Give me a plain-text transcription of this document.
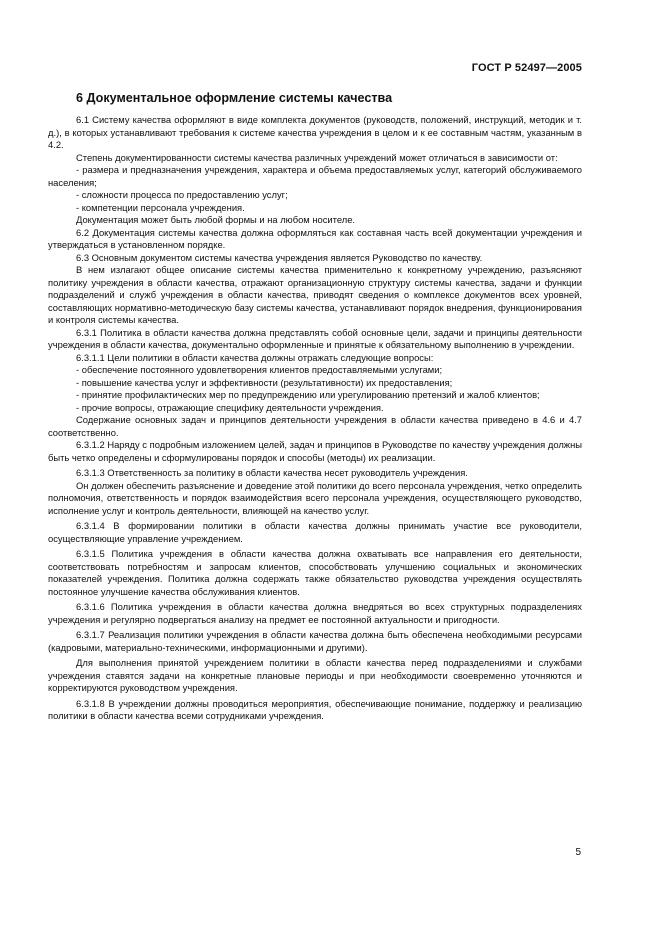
ГОСТ Р 52497—2005
6 Документальное оформление системы качества

6.1 Систему качества оформляют в виде комплекта документов (руководств, положений, инструкций, методик и т. д.), в которых устанавливают требования к системе качества учреждения в целом и к ее составным частям, указанным в 4.2.

Степень документированности системы качества различных учреждений может отличаться в зависимости от:

- размера и предназначения учреждения, характера и объема предоставляемых услуг, категорий обслуживаемого населения;

- сложности процесса по предоставлению услуг;

- компетенции персонала учреждения.

Документация может быть любой формы и на любом носителе.

6.2 Документация системы качества должна оформляться как составная часть всей документации учреждения и утверждаться в установленном порядке.

6.3 Основным документом системы качества учреждения является Руководство по качеству.

В нем излагают общее описание системы качества применительно к конкретному учреждению, разъясняют политику учреждения в области качества, отражают организационную структуру системы качества, задачи и функции подразделений и служб учреждения в области качества, приводят сведения о комплексе документов всех уровней, составляющих нормативно-методическую базу системы качества, устанавливают порядок внедрения, функционирования и контроля системы качества.

6.3.1 Политика в области качества должна представлять собой основные цели, задачи и принципы деятельности учреждения в области качества, документально оформленные и принятые к обязательному выполнению в учреждении.

6.3.1.1 Цели политики в области качества должны отражать следующие вопросы:

- обеспечение постоянного удовлетворения клиентов предоставляемыми услугами;

- повышение качества услуг и эффективности (результативности) их предоставления;

- принятие профилактических мер по предупреждению или урегулированию претензий и жалоб клиентов;

- прочие вопросы, отражающие специфику деятельности учреждения.

Содержание основных задач и принципов деятельности учреждения в области качества приведено в 4.6 и 4.7 соответственно.

6.3.1.2 Наряду с подробным изложением целей, задач и принципов в Руководстве по качеству учреждения должны быть четко определены и сформулированы порядок и способы (методы) их реализации.

6.3.1.3 Ответственность за политику в области качества несет руководитель учреждения.

Он должен обеспечить разъяснение и доведение этой политики до всего персонала учреждения, четко определить полномочия, ответственность и порядок взаимодействия всего персонала учреждения, осуществляющего руководство, исполнение услуг и контроль деятельности, влияющей на качество услуг.

6.3.1.4 В формировании политики в области качества должны принимать участие все руководители, осуществляющие управление учреждением.

6.3.1.5 Политика учреждения в области качества должна охватывать все направления его деятельности, соответствовать потребностям и запросам клиентов, способствовать улучшению социальных и экономических показателей учреждения. Политика должна содержать также обязательство руководства учреждения осуществлять постоянное улучшение качества обслуживания клиентов.

6.3.1.6 Политика учреждения в области качества должна внедряться во всех структурных подразделениях учреждения и регулярно подвергаться анализу на предмет ее постоянной актуальности и пригодности.

6.3.1.7 Реализация политики учреждения в области качества должна быть обеспечена необходимыми ресурсами (кадровыми, материально-техническими, информационными и другими).

Для выполнения принятой учреждением политики в области качества перед подразделениями и службами учреждения ставятся задачи на конкретные плановые периоды и при необходимости своевременно уточняются и корректируются руководством учреждения.

6.3.1.8 В учреждении должны проводиться мероприятия, обеспечивающие понимание, поддержку и реализацию политики в области качества всеми сотрудниками учреждения.

5
